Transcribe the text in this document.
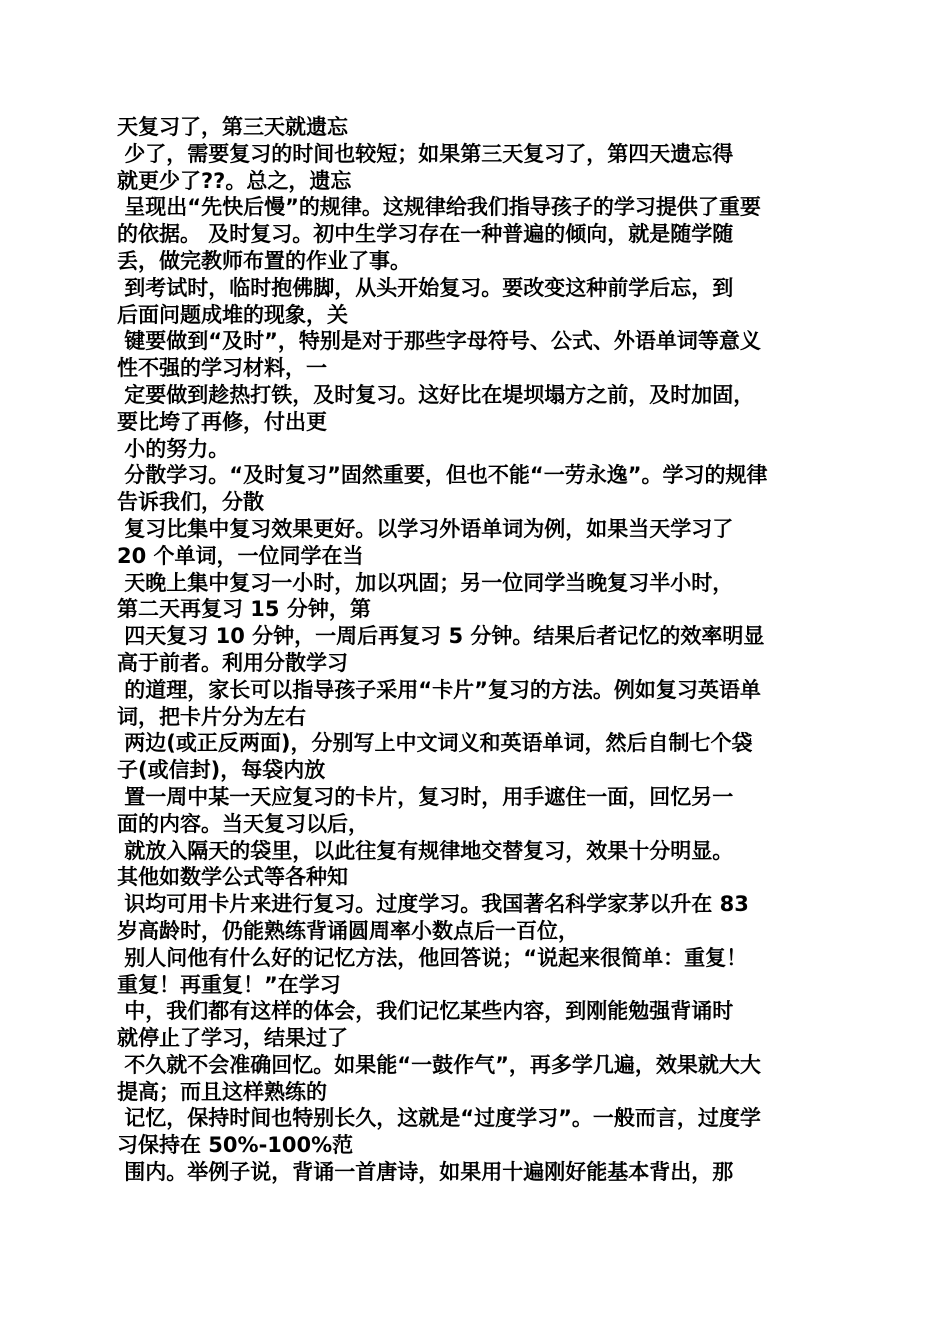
天复习了，第三天就遗忘
少了，需要复习的时间也较短；如果第三天复习了，第四天遗忘得
就更少了??。总之，遗忘
呈现出“先快后慢”的规律。这规律给我们指导孩子的学习提供了重要
的依据。 及时复习。初中生学习存在一种普遍的倾向，就是随学随
丢，做完教师布置的作业了事。
到考试时，临时抱佛脚，从头开始复习。要改变这种前学后忘，到
后面问题成堆的现象，关
键要做到“及时”，特别是对于那些字母符号、公式、外语单词等意义
性不强的学习材料，一
定要做到趁热打铁，及时复习。这好比在堤坝塌方之前，及时加固，
要比垮了再修，付出更
小的努力。
分散学习。“及时复习”固然重要，但也不能“一劳永逸”。学习的规律
告诉我们，分散
复习比集中复习效果更好。以学习外语单词为例，如果当天学习了
20 个单词，一位同学在当
天晚上集中复习一小时，加以巩固；另一位同学当晚复习半小时，
第二天再复习 15 分钟，第
四天复习 10 分钟，一周后再复习 5 分钟。结果后者记忆的效率明显
高于前者。利用分散学习
的道理，家长可以指导孩子采用“卡片”复习的方法。例如复习英语单
词，把卡片分为左右
两边(或正反两面)，分别写上中文词义和英语单词，然后自制七个袋
子(或信封)，每袋内放
置一周中某一天应复习的卡片，复习时，用手遮住一面，回忆另一
面的内容。当天复习以后，
就放入隔天的袋里，以此往复有规律地交替复习，效果十分明显。
其他如数学公式等各种知
识均可用卡片来进行复习。过度学习。我国著名科学家茅以升在 83
岁高龄时，仍能熟练背诵圆周率小数点后一百位，
别人问他有什么好的记忆方法，他回答说；“说起来很简单：重复！
重复！再重复！”在学习
中，我们都有这样的体会，我们记忆某些内容，到刚能勉强背诵时
就停止了学习，结果过了
不久就不会准确回忆。如果能“一鼓作气”，再多学几遍，效果就大大
提高；而且这样熟练的
记忆，保持时间也特别长久，这就是“过度学习”。一般而言，过度学
习保持在 50%-100%范
围内。举例子说，背诵一首唐诗，如果用十遍刚好能基本背出，那
